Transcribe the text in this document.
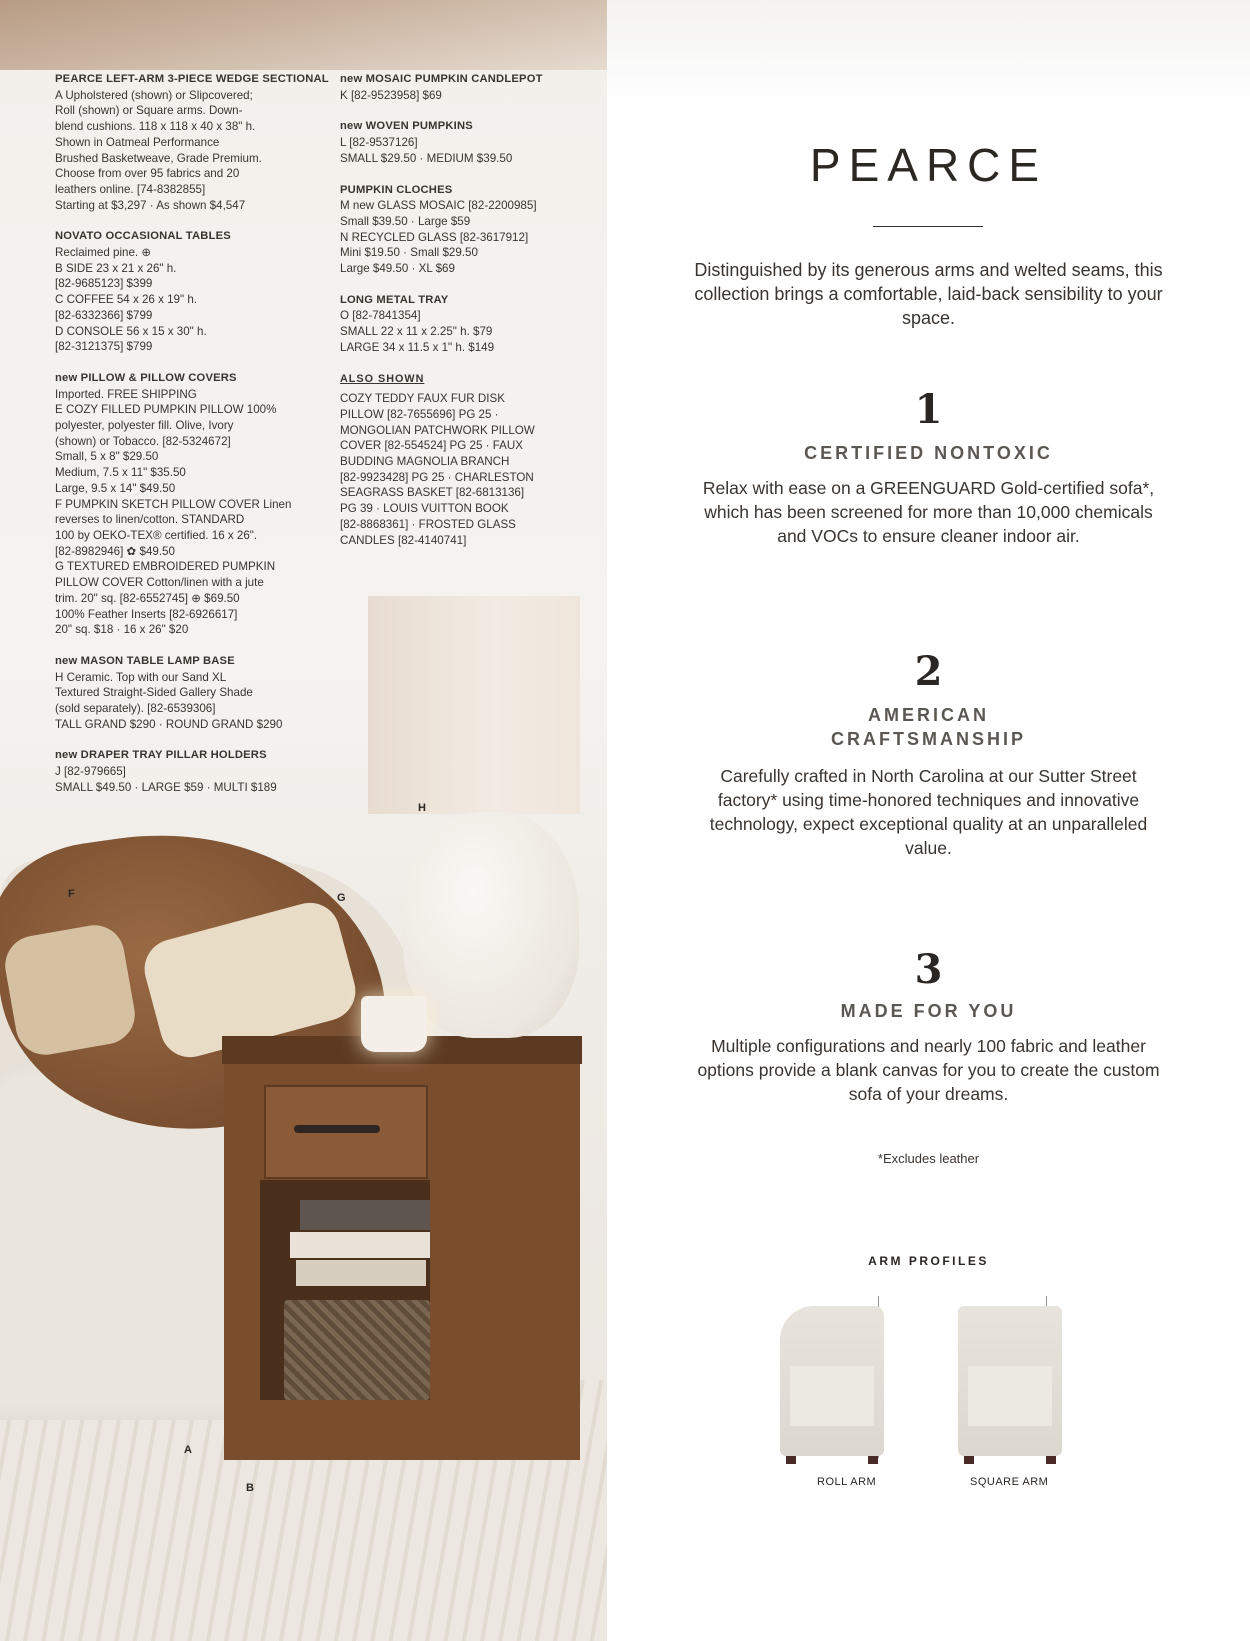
F	G
H
A
B
PEARCE LEFT-ARM 3-PIECE WEDGE SECTIONAL
A Upholstered (shown) or Slipcovered;
Roll (shown) or Square arms. Down-
blend cushions. 118 x 118 x 40 x 38" h.
Shown in Oatmeal Performance
Brushed Basketweave, Grade Premium.
Choose from over 95 fabrics and 20
leathers online. [74-8382855]
Starting at $3,297 · As shown $4,547
NOVATO OCCASIONAL TABLES
Reclaimed pine. ⊕
B SIDE 23 x 21 x 26" h.
[82-9685123] $399
C COFFEE 54 x 26 x 19" h.
[82-6332366] $799
D CONSOLE 56 x 15 x 30" h.
[82-3121375] $799
new PILLOW & PILLOW COVERS
Imported. FREE SHIPPING
E COZY FILLED PUMPKIN PILLOW 100%
polyester, polyester fill. Olive, Ivory
(shown) or Tobacco. [82-5324672]
Small, 5 x 8" $29.50
Medium, 7.5 x 11" $35.50
Large, 9.5 x 14" $49.50
F PUMPKIN SKETCH PILLOW COVER Linen
reverses to linen/cotton. STANDARD
100 by OEKO-TEX® certified. 16 x 26".
[82-8982946] ✿ $49.50
G TEXTURED EMBROIDERED PUMPKIN
PILLOW COVER Cotton/linen with a jute
trim. 20" sq. [82-6552745] ⊕ $69.50
100% Feather Inserts [82-6926617]
20" sq. $18 · 16 x 26" $20
new MASON TABLE LAMP BASE
H Ceramic. Top with our Sand XL
Textured Straight-Sided Gallery Shade
(sold separately). [82-6539306]
TALL GRAND $290 · ROUND GRAND $290
new DRAPER TRAY PILLAR HOLDERS
J [82-979665]
SMALL $49.50 · LARGE $59 · MULTI $189
new MOSAIC PUMPKIN CANDLEPOT
K [82-9523958] $69
new WOVEN PUMPKINS
L [82-9537126]
SMALL $29.50 · MEDIUM $39.50
PUMPKIN CLOCHES
M new GLASS MOSAIC [82-2200985]
Small $39.50 · Large $59
N RECYCLED GLASS [82-3617912]
Mini $19.50 · Small $29.50
Large $49.50 · XL $69
LONG METAL TRAY
O [82-7841354]
SMALL 22 x 11 x 2.25" h. $79
LARGE 34 x 11.5 x 1" h. $149
ALSO SHOWN
COZY TEDDY FAUX FUR DISK
PILLOW [82-7655696] PG 25 ·
MONGOLIAN PATCHWORK PILLOW
COVER [82-554524] PG 25 · FAUX
BUDDING MAGNOLIA BRANCH
[82-9923428] PG 25 · CHARLESTON
SEAGRASS BASKET [82-6813136]
PG 39 · LOUIS VUITTON BOOK
[82-8868361] · FROSTED GLASS
CANDLES [82-4140741]
PEARCE
Distinguished by its generous arms and welted seams, this collection brings a comfortable, laid-back sensibility to your space.
1
CERTIFIED NONTOXIC
Relax with ease on a GREENGUARD Gold-certified sofa*, which has been screened for more than 10,000 chemicals and VOCs to ensure cleaner indoor air.
2
AMERICAN
CRAFTSMANSHIP
Carefully crafted in North Carolina at our Sutter Street factory* using time-honored techniques and innovative technology, expect exceptional quality at an unparalleled value.
3
MADE FOR YOU
Multiple configurations and nearly 100 fabric and leather options provide a blank canvas for you to create the custom sofa of your dreams.
*Excludes leather
ARM PROFILES
ROLL ARM	SQUARE ARM
